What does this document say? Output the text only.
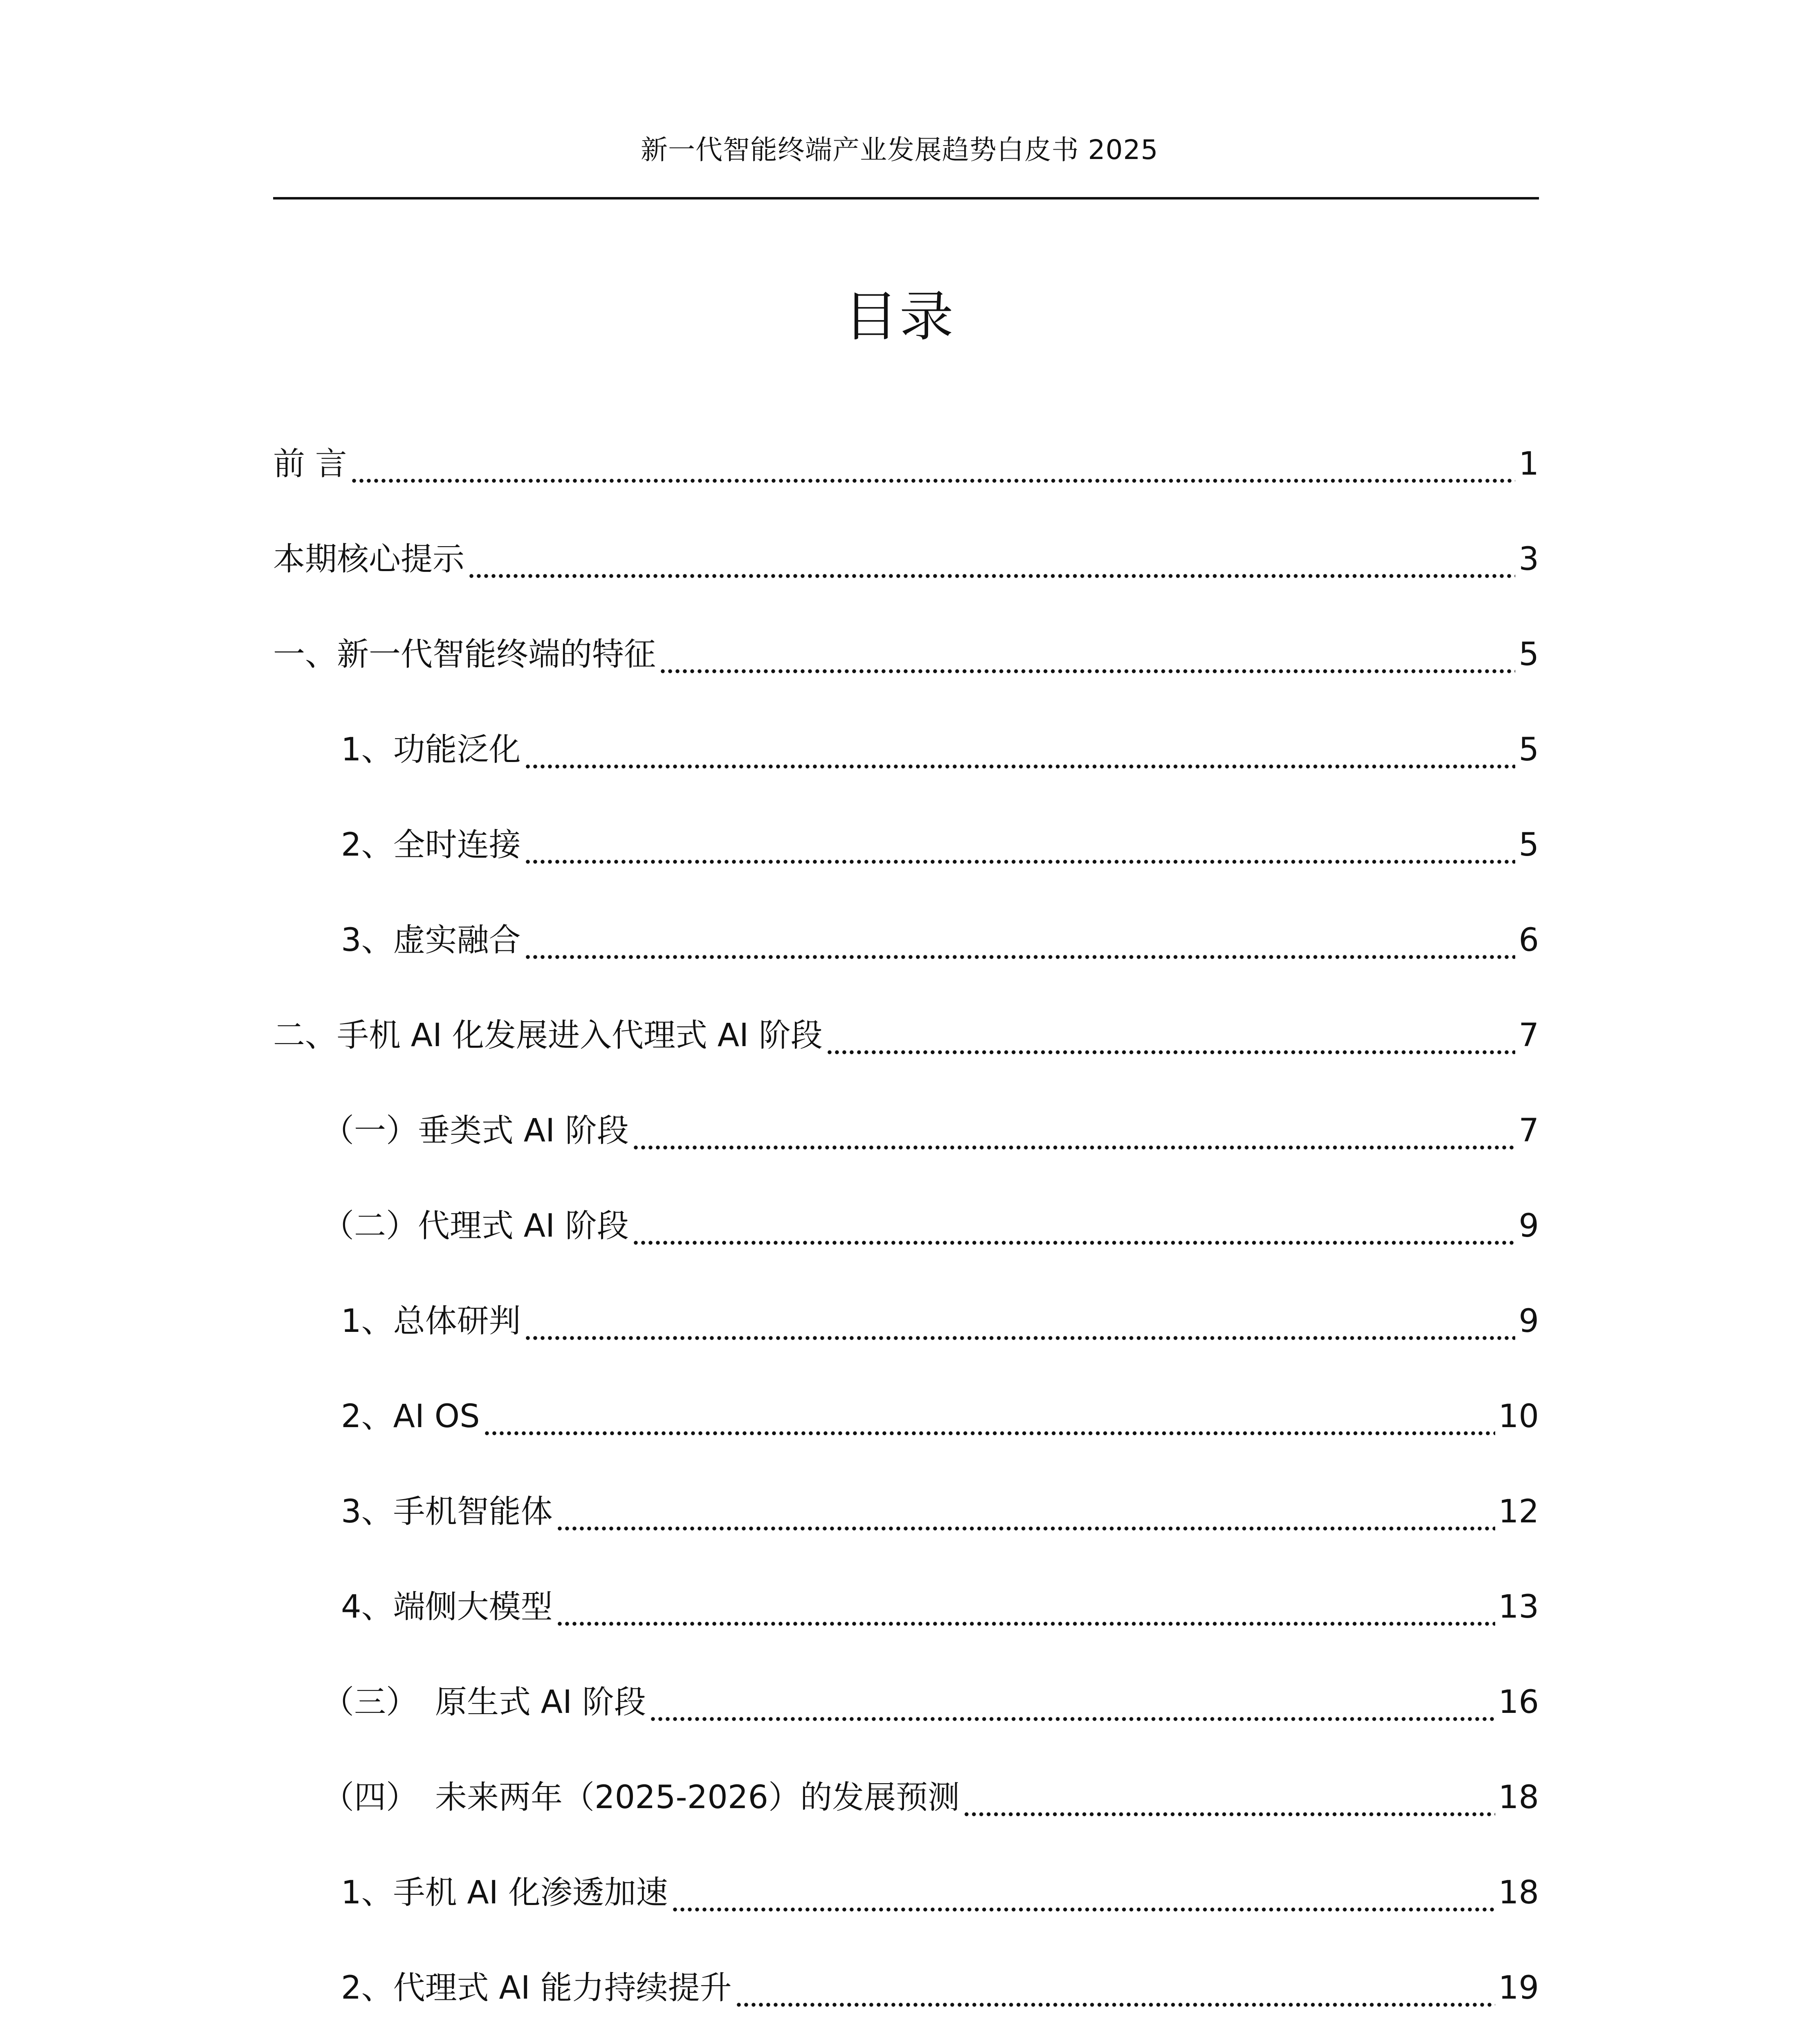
新一代智能终端产业发展趋势白皮书 2025
目录
前 言	1
本期核心提示	3
一、新一代智能终端的特征	5
1、功能泛化	5
2、全时连接	5
3、虚实融合	6
二、手机 AI 化发展进入代理式 AI 阶段	7
（一）垂类式 AI 阶段	7
（二）代理式 AI 阶段	9
1、总体研判	9
2、AI OS	10
3、手机智能体	12
4、端侧大模型	13
（三） 原生式 AI 阶段	16
（四） 未来两年（2025-2026）的发展预测	18
1、手机 AI 化渗透加速	18
2、代理式 AI 能力持续提升	19
